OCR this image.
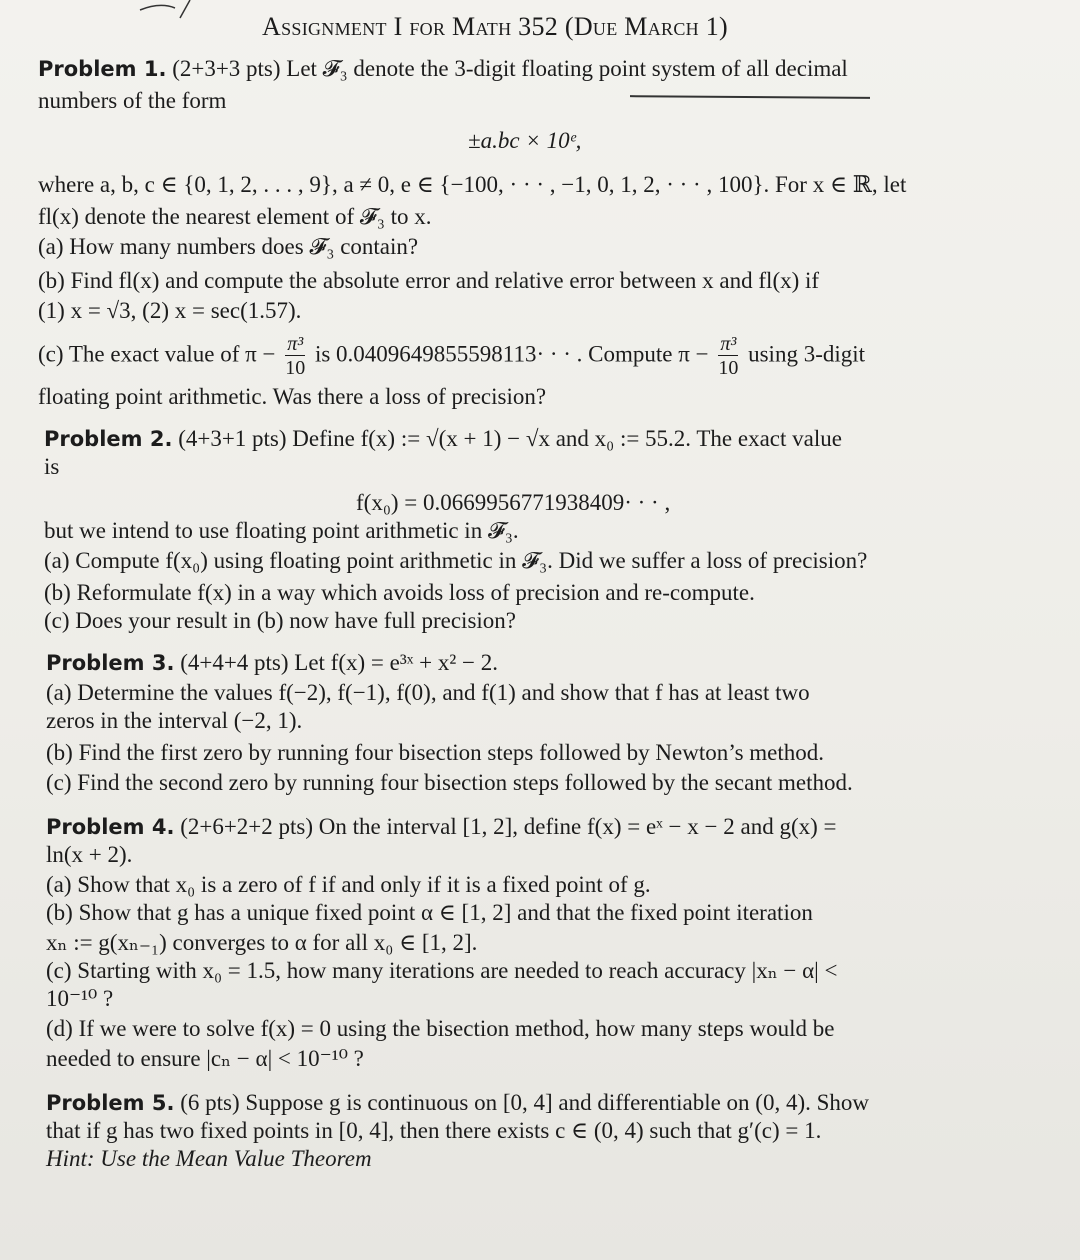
Assignment I for Math 352 (Due March 1)
Problem 1. (2+3+3 pts) Let 𝓕₃ denote the 3-digit floating point system of all decimal
numbers of the form
±a.bc × 10ᵉ,
where a, b, c ∈ {0, 1, 2, . . . , 9}, a ≠ 0, e ∈ {−100, · · · , −1, 0, 1, 2, · · · , 100}. For x ∈ ℝ, let
fl(x) denote the nearest element of 𝓕₃ to x.
(a) How many numbers does 𝓕₃ contain?
(b) Find fl(x) and compute the absolute error and relative error between x and fl(x) if
(1) x = √3, (2) x = sec(1.57).
(c) The exact value of $\pi - \frac{\text{π³}}{10}$ is 0.0409649855598113· · · . Compute $\pi - \frac{\text{π³}}{10}$ using 3-digit
floating point arithmetic. Was there a loss of precision?
Problem 2. (4+3+1 pts) Define f(x) := √(x + 1) − √x and x₀ := 55.2. The exact value
is
f(x₀) = 0.0669956771938409· · · ,
but we intend to use floating point arithmetic in 𝓕₃.
(a) Compute f(x₀) using floating point arithmetic in 𝓕₃. Did we suffer a loss of precision?
(b) Reformulate f(x) in a way which avoids loss of precision and re-compute.
(c) Does your result in (b) now have full precision?
Problem 3. (4+4+4 pts) Let f(x) = e³ˣ + x² − 2.
(a) Determine the values f(−2), f(−1), f(0), and f(1) and show that f has at least two
zeros in the interval (−2, 1).
(b) Find the first zero by running four bisection steps followed by Newton’s method.
(c) Find the second zero by running four bisection steps followed by the secant method.
Problem 4. (2+6+2+2 pts) On the interval [1, 2], define f(x) = eˣ − x − 2 and g(x) =
ln(x + 2).
(a) Show that x₀ is a zero of f if and only if it is a fixed point of g.
(b) Show that g has a unique fixed point α ∈ [1, 2] and that the fixed point iteration
xₙ := g(xₙ₋₁) converges to α for all x₀ ∈ [1, 2].
(c) Starting with x₀ = 1.5, how many iterations are needed to reach accuracy |xₙ − α| <
10⁻¹⁰ ?
(d) If we were to solve f(x) = 0 using the bisection method, how many steps would be
needed to ensure |cₙ − α| < 10⁻¹⁰ ?
Problem 5. (6 pts) Suppose g is continuous on [0, 4] and differentiable on (0, 4). Show
that if g has two fixed points in [0, 4], then there exists c ∈ (0, 4) such that g′(c) = 1.
Hint: Use the Mean Value Theorem
